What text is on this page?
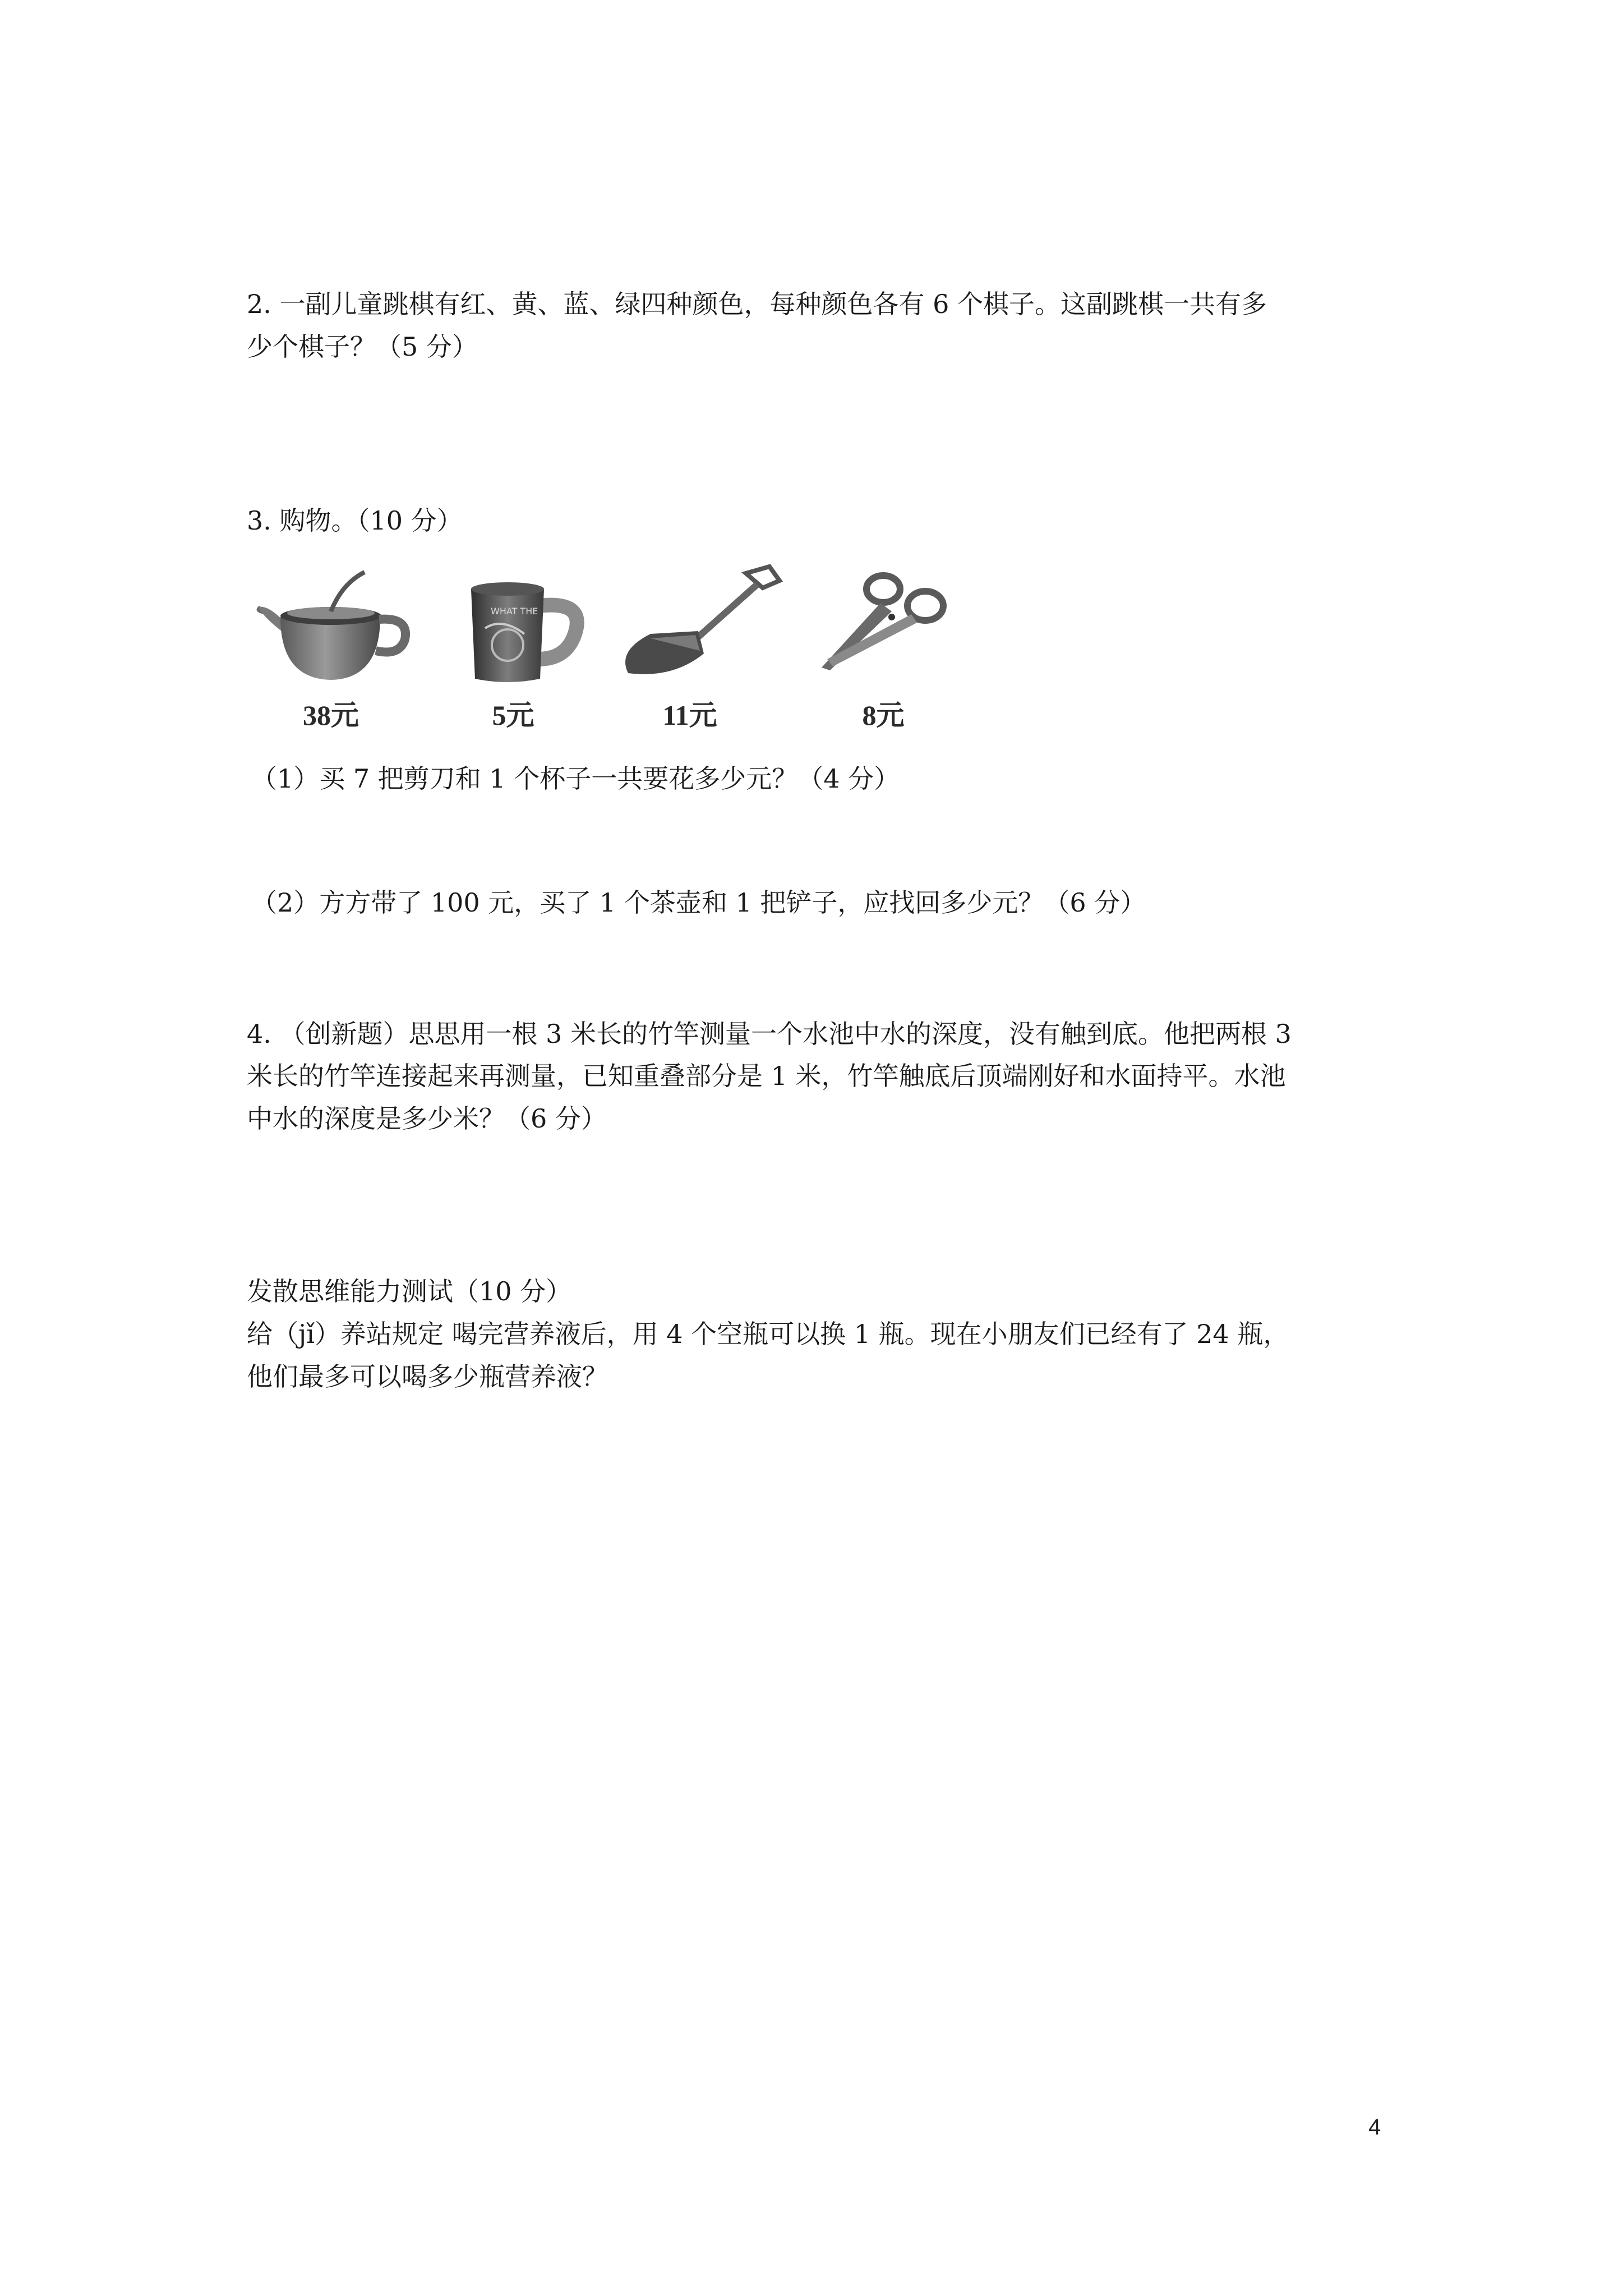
2. 一副儿童跳棋有红、黄、蓝、绿四种颜色，每种颜色各有 6 个棋子。这副跳棋一共有多
少个棋子？（5 分）
3. 购物。（10 分）
38元
WHAT THE
5元	11元	8元
（1）买 7 把剪刀和 1 个杯子一共要花多少元？（4 分）
（2）方方带了 100 元，买了 1 个茶壶和 1 把铲子，应找回多少元？（6 分）
4. （创新题）思思用一根 3 米长的竹竿测量一个水池中水的深度，没有触到底。他把两根 3
米长的竹竿连接起来再测量，已知重叠部分是 1 米，竹竿触底后顶端刚好和水面持平。水池
中水的深度是多少米？（6 分）
发散思维能力测试（10 分）
给（jǐ）养站规定 喝完营养液后，用 4 个空瓶可以换 1 瓶。现在小朋友们已经有了 24 瓶，
他们最多可以喝多少瓶营养液？
4
